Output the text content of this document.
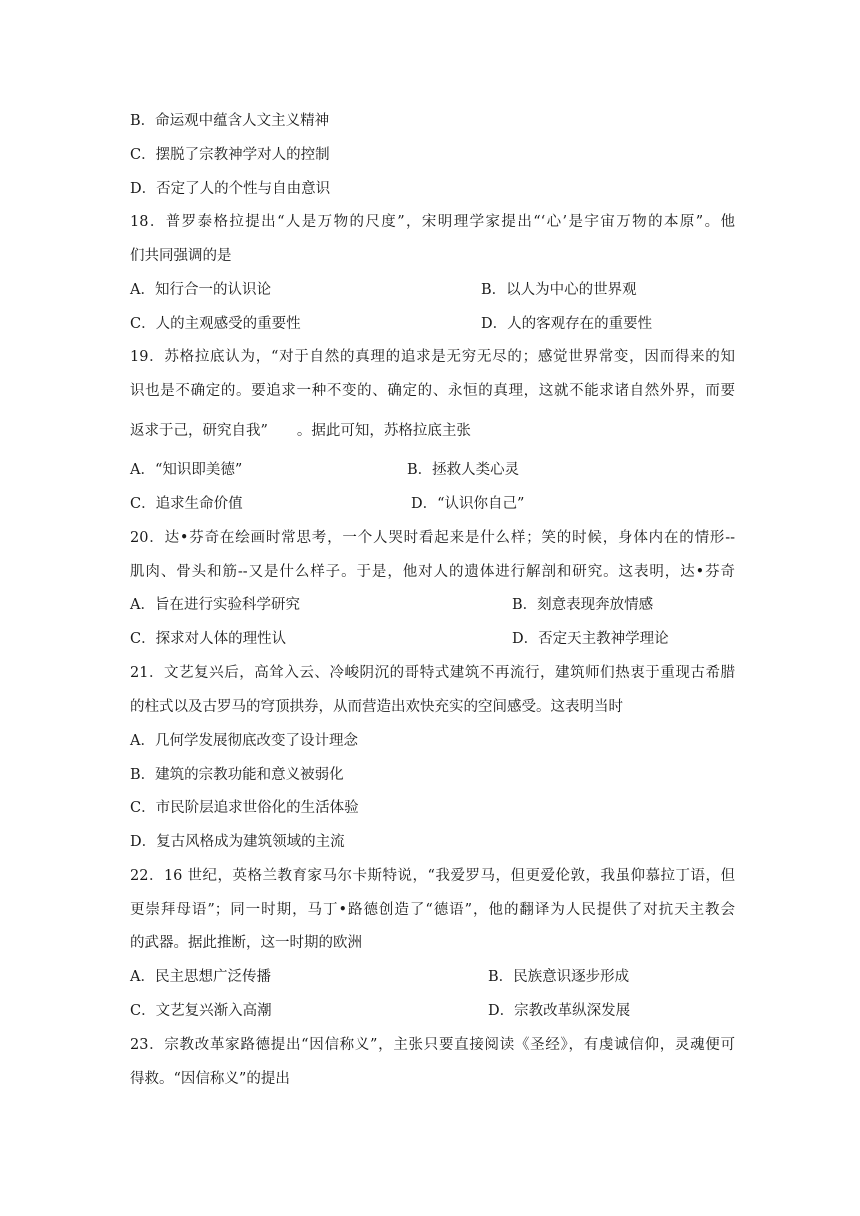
B．命运观中蕴含人文主义精神
C．摆脱了宗教神学对人的控制
D．否定了人的个性与自由意识
18．普罗泰格拉提出“人是万物的尺度”，宋明理学家提出“‘心’是宇宙万物的本原”。他
们共同强调的是
A．知行合一的认识论	B．以人为中心的世界观
C．人的主观感受的重要性	D．人的客观存在的重要性
19．苏格拉底认为，“对于自然的真理的追求是无穷无尽的；感觉世界常变，因而得来的知
识也是不确定的。要追求一种不变的、确定的、永恒的真理，这就不能求诸自然外界，而要
返求于己，研究自我”　　。据此可知，苏格拉底主张
A．“知识即美德”	B．拯救人类心灵
C．追求生命价值	D．“认识你自己”
20．达•芬奇在绘画时常思考，一个人哭时看起来是什么样；笑的时候，身体内在的情形--
肌肉、骨头和筋--又是什么样子。于是，他对人的遗体进行解剖和研究。这表明，达•芬奇
A．旨在进行实验科学研究	B．刻意表现奔放情感
C．探求对人体的理性认	D．否定天主教神学理论
21．文艺复兴后，高耸入云、冷峻阴沉的哥特式建筑不再流行，建筑师们热衷于重现古希腊
的柱式以及古罗马的穹顶拱券，从而营造出欢快充实的空间感受。这表明当时
A．几何学发展彻底改变了设计理念
B．建筑的宗教功能和意义被弱化
C．市民阶层追求世俗化的生活体验
D．复古风格成为建筑领域的主流
22．16 世纪，英格兰教育家马尔卡斯特说，“我爱罗马，但更爱伦敦，我虽仰慕拉丁语，但
更崇拜母语”；同一时期，马丁•路德创造了“德语”，他的翻译为人民提供了对抗天主教会
的武器。据此推断，这一时期的欧洲
A．民主思想广泛传播	B．民族意识逐步形成
C．文艺复兴渐入高潮	D．宗教改革纵深发展
23．宗教改革家路德提出“因信称义”，主张只要直接阅读《圣经》，有虔诚信仰，灵魂便可
得救。“因信称义”的提出
